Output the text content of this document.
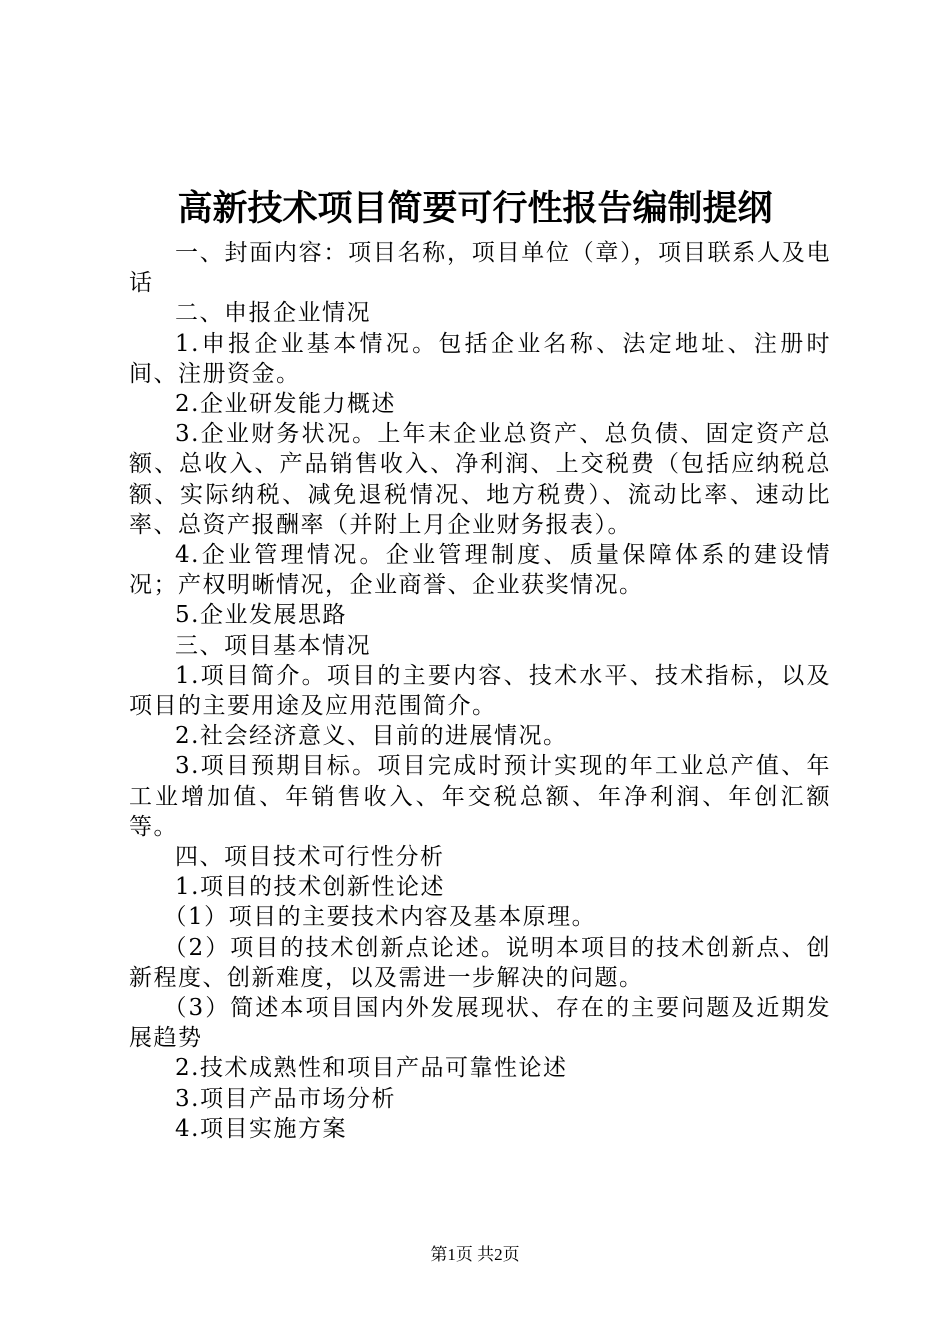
高新技术项目简要可行性报告编制提纲

一、封面内容：项目名称，项目单位（章），项目联系人及电话

二、申报企业情况

1.申报企业基本情况。包括企业名称、法定地址、注册时间、注册资金。

2.企业研发能力概述

3.企业财务状况。上年末企业总资产、总负债、固定资产总额、总收入、产品销售收入、净利润、上交税费（包括应纳税总额、实际纳税、减免退税情况、地方税费）、流动比率、速动比率、总资产报酬率（并附上月企业财务报表）。

4.企业管理情况。企业管理制度、质量保障体系的建设情况；产权明晰情况，企业商誉、企业获奖情况。

5.企业发展思路

三、项目基本情况

1.项目简介。项目的主要内容、技术水平、技术指标，以及项目的主要用途及应用范围简介。

2.社会经济意义、目前的进展情况。

3.项目预期目标。项目完成时预计实现的年工业总产值、年工业增加值、年销售收入、年交税总额、年净利润、年创汇额等。

四、项目技术可行性分析

1.项目的技术创新性论述

（1）项目的主要技术内容及基本原理。

（2）项目的技术创新点论述。说明本项目的技术创新点、创新程度、创新难度，以及需进一步解决的问题。

（3）简述本项目国内外发展现状、存在的主要问题及近期发展趋势

2.技术成熟性和项目产品可靠性论述

3.项目产品市场分析

4.项目实施方案

第1页 共2页
